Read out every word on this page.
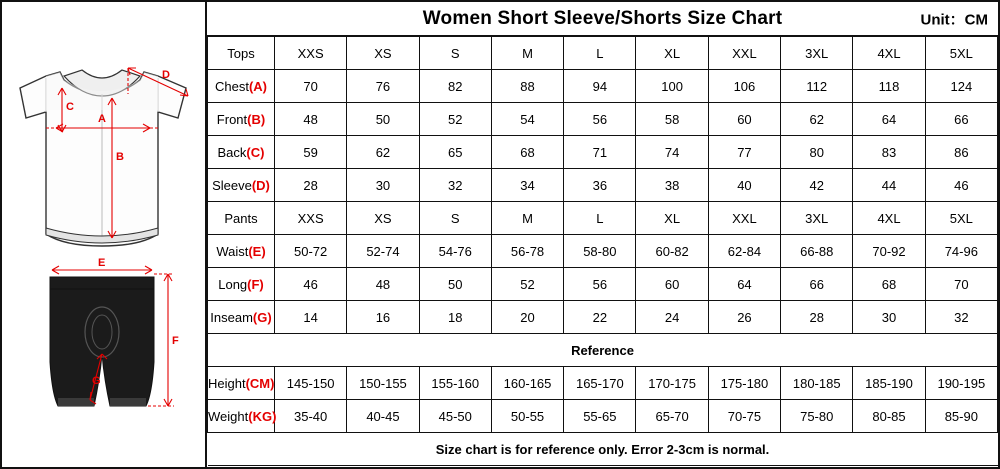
A
B
C
D
E
F
G
Women Short Sleeve/Shorts Size Chart	Unit：CM
Tops	XXS	XS	S	M	L	XL	XXL	3XL	4XL	5XL
Chest(A)	70	76	82	88	94	100	106	112	118	124
Front(B)	48	50	52	54	56	58	60	62	64	66
Back(C)	59	62	65	68	71	74	77	80	83	86
Sleeve(D)	28	30	32	34	36	38	40	42	44	46
Pants	XXS	XS	S	M	L	XL	XXL	3XL	4XL	5XL
Waist(E)	50-72	52-74	54-76	56-78	58-80	60-82	62-84	66-88	70-92	74-96
Long(F)	46	48	50	52	56	60	64	66	68	70
Inseam(G)	14	16	18	20	22	24	26	28	30	32
Reference										
Height(CM)	145-150	150-155	155-160	160-165	165-170	170-175	175-180	180-185	185-190	190-195
Weight(KG)	35-40	40-45	45-50	50-55	55-65	65-70	70-75	75-80	80-85	85-90
Size chart is for reference only. Error 2-3cm is normal.										
